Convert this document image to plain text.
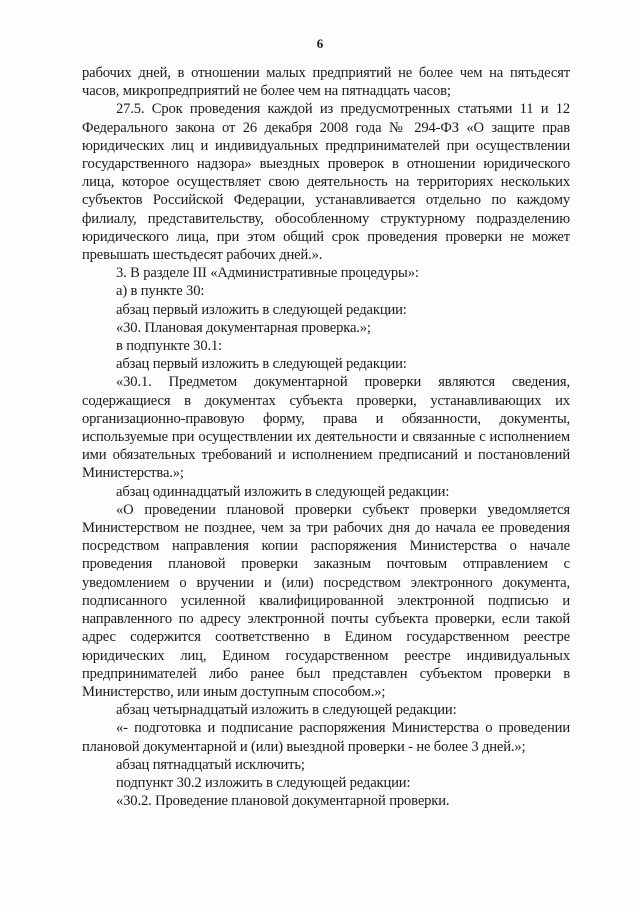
6

рабочих дней, в отношении малых предприятий не более чем на пятьдесят часов, микропредприятий не более чем на пятнадцать часов;

27.5. Срок проведения каждой из предусмотренных статьями 11 и 12 Федерального закона от 26 декабря 2008 года № 294-ФЗ «О защите прав юридических лиц и индивидуальных предпринимателей при осуществлении государственного надзора» выездных проверок в отношении юридического лица, которое осуществляет свою деятельность на территориях нескольких субъектов Российской Федерации, устанавливается отдельно по каждому филиалу, представительству, обособленному структурному подразделению юридического лица, при этом общий срок проведения проверки не может превышать шестьдесят рабочих дней.».

3. В разделе III «Административные процедуры»:

а) в пункте 30:

абзац первый изложить в следующей редакции:

«30. Плановая документарная проверка.»;

в подпункте 30.1:

абзац первый изложить в следующей редакции:

«30.1. Предметом документарной проверки являются сведения, содержащиеся в документах субъекта проверки, устанавливающих их организационно-правовую форму, права и обязанности, документы, используемые при осуществлении их деятельности и связанные с исполнением ими обязательных требований и исполнением предписаний и постановлений Министерства.»;

абзац одиннадцатый изложить в следующей редакции:

«О проведении плановой проверки субъект проверки уведомляется Министерством не позднее, чем за три рабочих дня до начала ее проведения посредством направления копии распоряжения Министерства о начале проведения плановой проверки заказным почтовым отправлением с уведомлением о вручении и (или) посредством электронного документа, подписанного усиленной квалифицированной электронной подписью и направленного по адресу электронной почты субъекта проверки, если такой адрес содержится соответственно в Едином государственном реестре юридических лиц, Едином государственном реестре индивидуальных предпринимателей либо ранее был представлен субъектом проверки в Министерство, или иным доступным способом.»;

абзац четырнадцатый изложить в следующей редакции:

«- подготовка и подписание распоряжения Министерства о проведении плановой документарной и (или) выездной проверки - не более 3 дней.»;

абзац пятнадцатый исключить;

подпункт 30.2 изложить в следующей редакции:

«30.2. Проведение плановой документарной проверки.
